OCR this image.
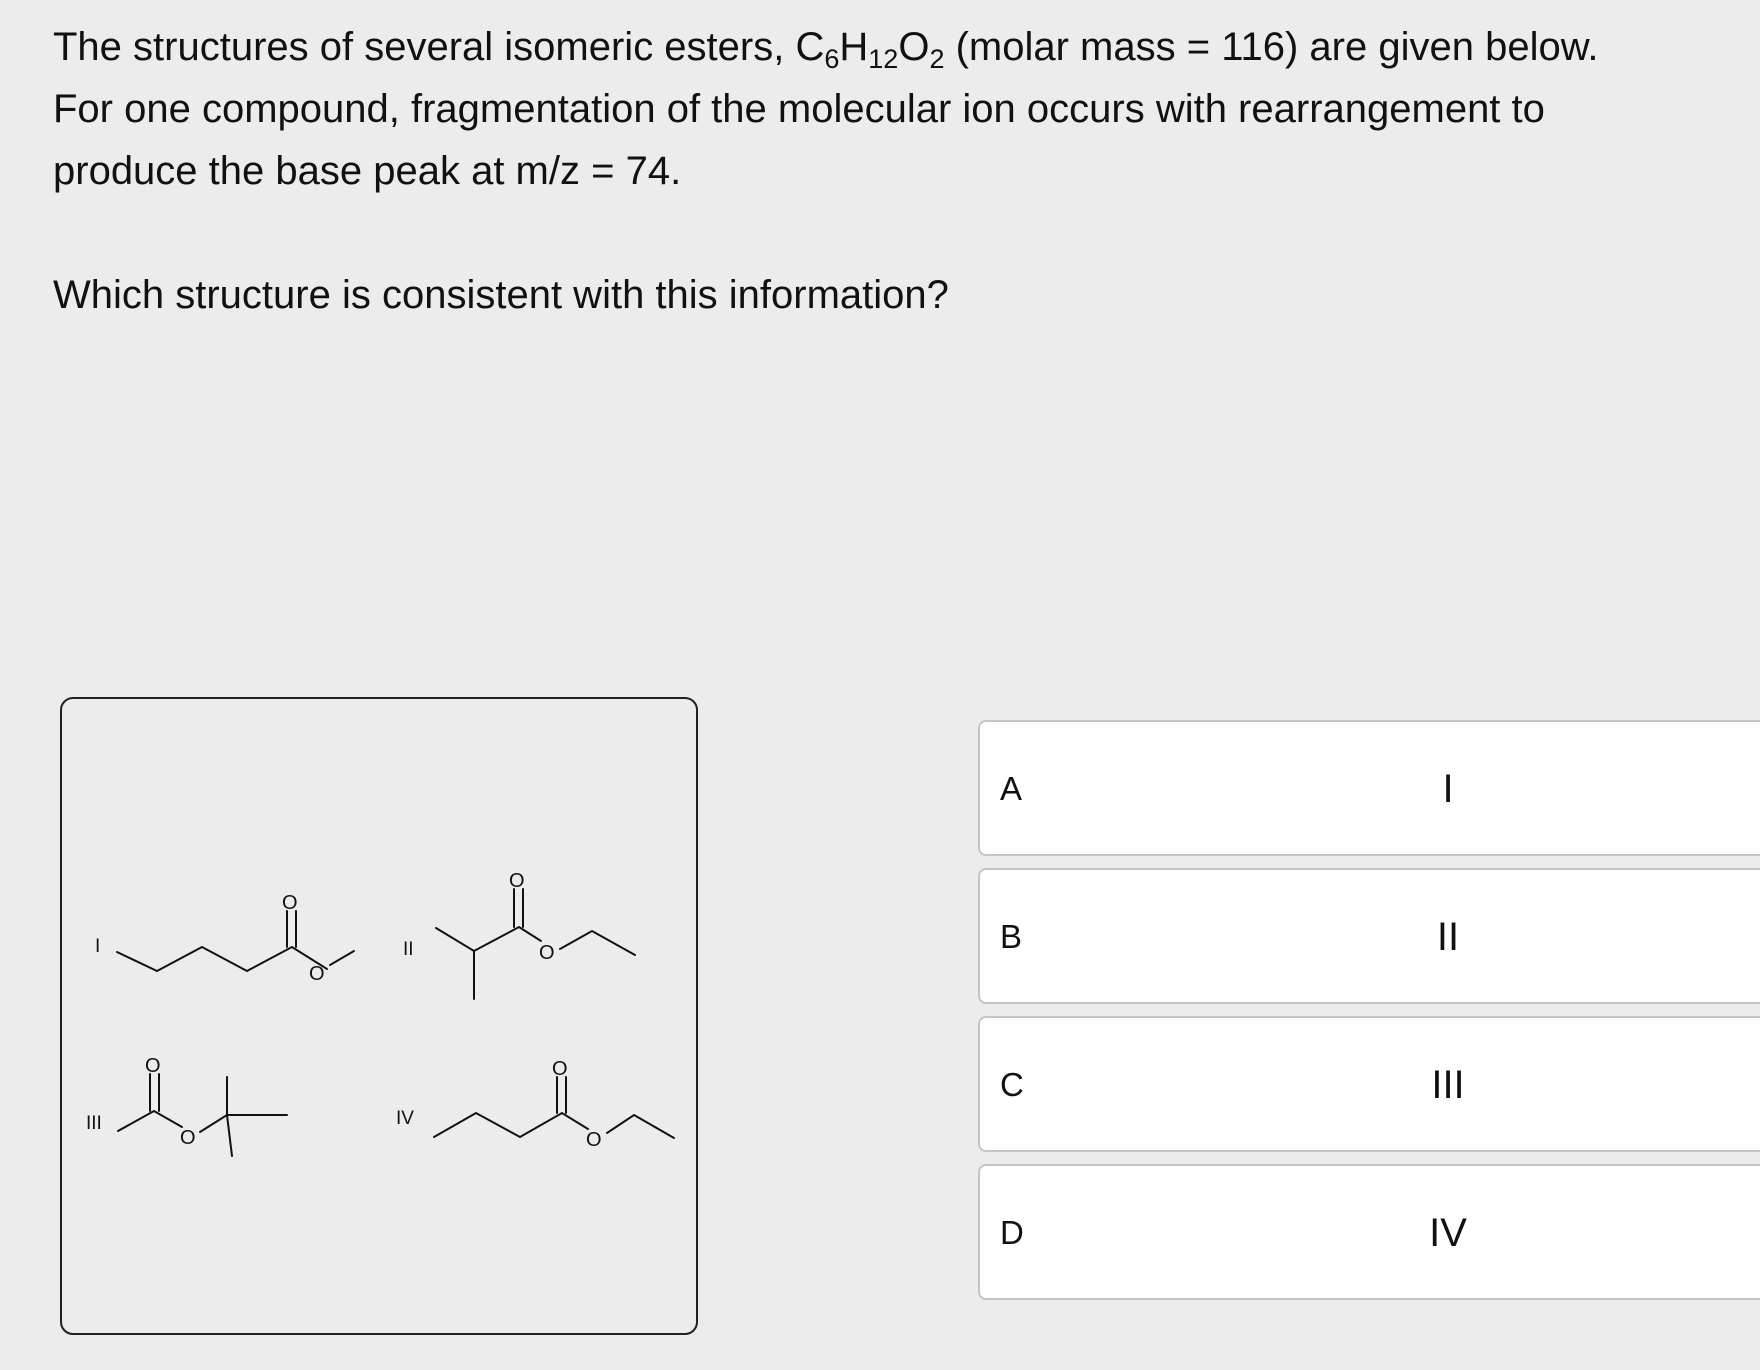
The structures of several isomeric esters, $C_6H_{12}O_2$ (molar mass = 116) are given below.

For one compound, fragmentation of the molecular ion occurs with rearrangement to produce the base peak at m/z = 74.

Which structure is consistent with this information?

I
O
O
II
O
O
III
O
O
IV
O
O
A	I
B	II
C	III
D	IV
